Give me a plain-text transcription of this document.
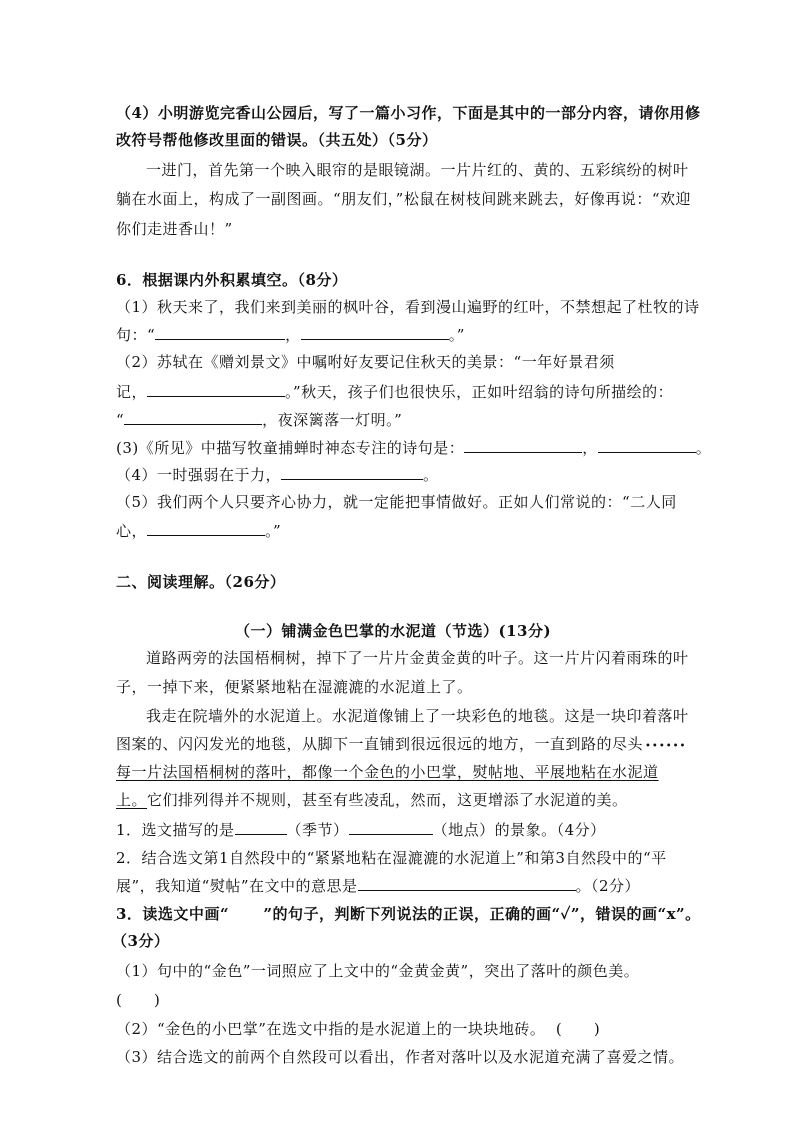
（4）小明游览完香山公园后，写了一篇小习作，下面是其中的一部分内容，请你用修
改符号帮他修改里面的错误。（共五处）（5分）
一进门，首先第一个映入眼帘的是眼镜湖。一片片红的、黄的、五彩缤纷的树叶
躺在水面上，构成了一副图画。“朋友们，”松鼠在树枝间跳来跳去，好像再说：“欢迎
你们走进香山！”
6．根据课内外积累填空。（8分）
（1）秋天来了，我们来到美丽的枫叶谷，看到漫山遍野的红叶，不禁想起了杜牧的诗
句：“	，	。”
（2）苏轼在《赠刘景文》中嘱咐好友要记住秋天的美景：“一年好景君须
记，	。”秋天，孩子们也很快乐，正如叶绍翁的诗句所描绘的：
“	，夜深篱落一灯明。”
(3)《所见》中描写牧童捕蝉时神态专注的诗句是：	，	。
（4）一时强弱在于力，	。
（5）我们两个人只要齐心协力，就一定能把事情做好。正如人们常说的：“二人同
心，	。”
二、阅读理解。（26分）
（一）铺满金色巴掌的水泥道（节选）(13分)
道路两旁的法国梧桐树，掉下了一片片金黄金黄的叶子。这一片片闪着雨珠的叶
子，一掉下来，便紧紧地粘在湿漉漉的水泥道上了。
我走在院墙外的水泥道上。水泥道像铺上了一块彩色的地毯。这是一块印着落叶
图案的、闪闪发光的地毯，从脚下一直铺到很远很远的地方，一直到路的尽头 ••••••
每一片法国梧桐树的落叶，都像一个金色的小巴掌，熨帖地、平展地粘在水泥道
上。它们排列得并不规则，甚至有些凌乱，然而，这更增添了水泥道的美。
1．选文描写的是	（季节）	（地点）的景象。（4分）
2．结合选文第1自然段中的“紧紧地粘在湿漉漉的水泥道上”和第3自然段中的“平
展”，我知道“熨帖”在文中的意思是	。（2分）
3．读选文中画“      ”的句子，判断下列说法的正误，正确的画“✓”，错误的画“x”。
（3分）
（1）句中的“金色”一词照应了上文中的“金黄金黄”，突出了落叶的颜色美。
(      )
（2）“金色的小巴掌”在选文中指的是水泥道上的一块块地砖。  (      )
（3）结合选文的前两个自然段可以看出，作者对落叶以及水泥道充满了喜爱之情。
